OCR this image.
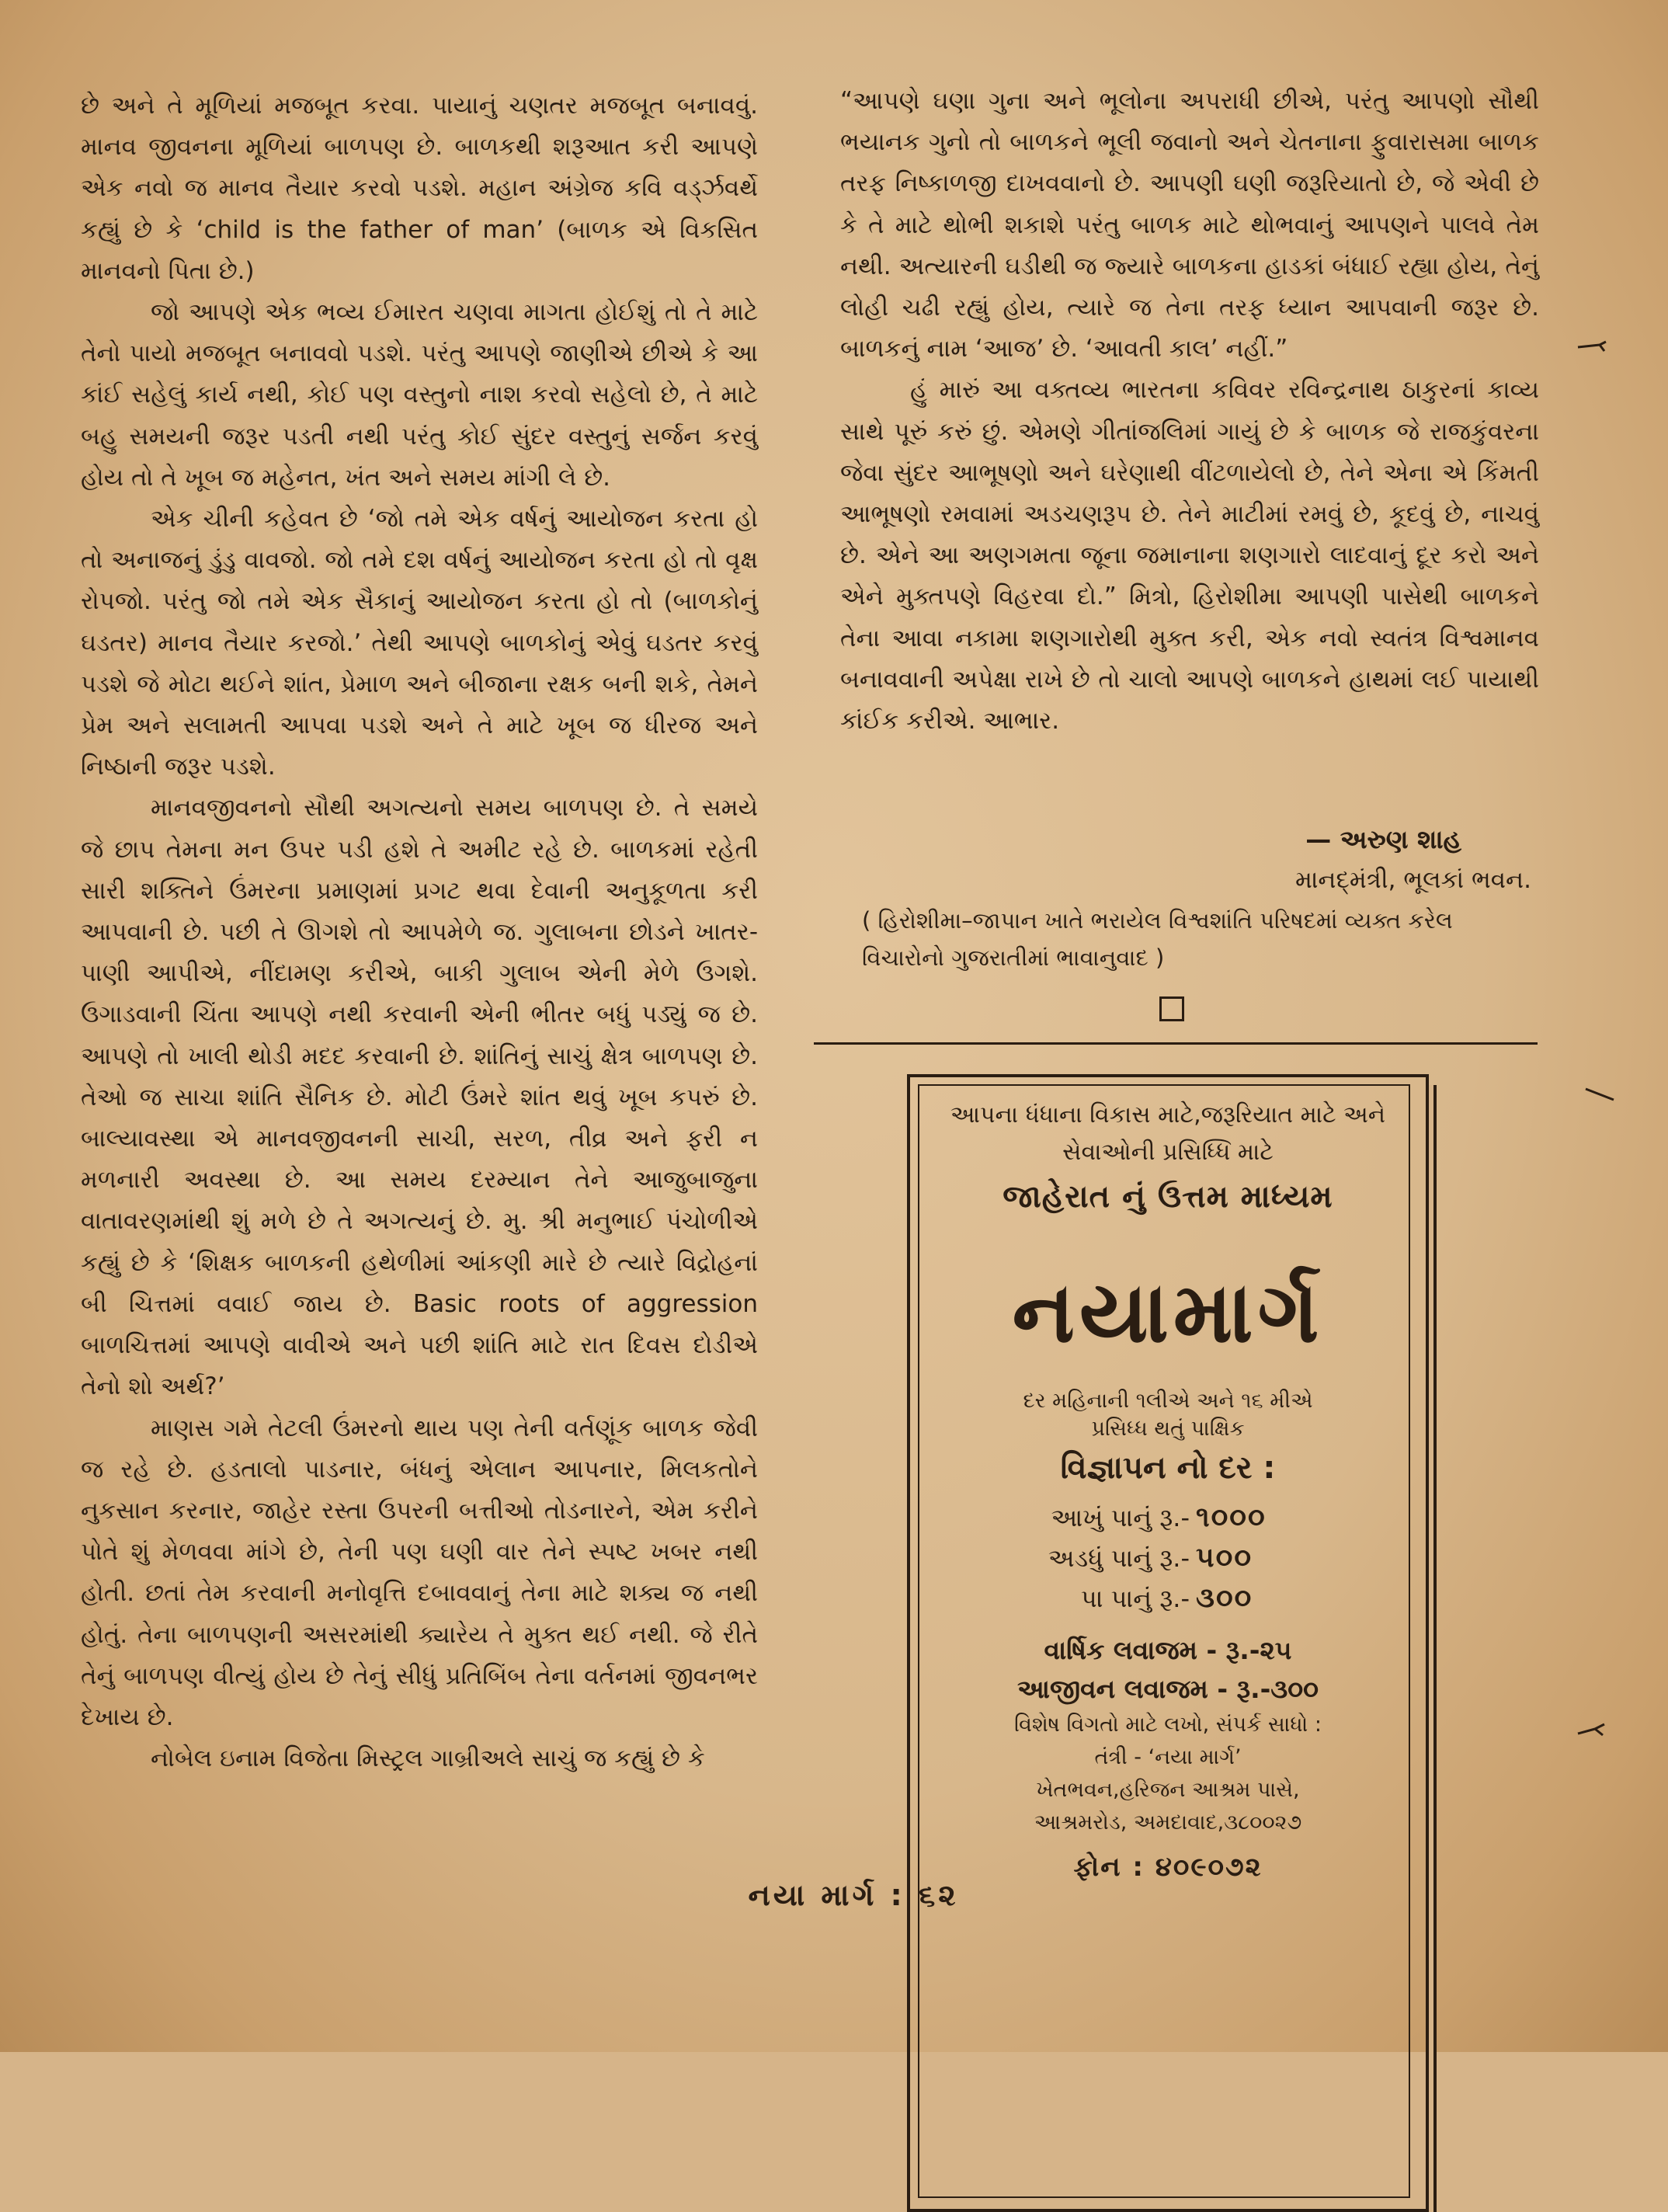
છે અને તે મૂળિયાં મજબૂત કરવા. પાયાનું ચણતર મજબૂત બનાવવું. માનવ જીવનના મૂળિયાં બાળપણ છે. બાળકથી શરૂઆત કરી આપણે એક નવો જ માનવ તૈયાર કરવો પડશે. મહાન અંગ્રેજ કવિ વર્ડ્ઝવર્થે કહ્યું છે કે ‘child is the father of man’ (બાળક એ વિકસિત માનવનો પિતા છે.)

જો આપણે એક ભવ્ય ઈમારત ચણવા માગતા હોઈશું તો તે માટે તેનો પાયો મજબૂત બનાવવો પડશે. પરંતુ આપણે જાણીએ છીએ કે આ કાંઈ સહેલું કાર્ય નથી, કોઈ પણ વસ્તુનો નાશ કરવો સહેલો છે, તે માટે બહુ સમયની જરૂર પડતી નથી પરંતુ કોઈ સુંદર વસ્તુનું સર્જન કરવું હોય તો તે ખૂબ જ મહેનત, ખંત અને સમય માંગી લે છે.

એક ચીની કહેવત છે ‘જો તમે એક વર્ષનું આયોજન કરતા હો તો અનાજનું ડુંડુ વાવજો. જો તમે દશ વર્ષનું આયોજન કરતા હો તો વૃક્ષ રોપજો. પરંતુ જો તમે એક સૈકાનું આયોજન કરતા હો તો (બાળકોનું ઘડતર) માનવ તૈયાર કરજો.’ તેથી આપણે બાળકોનું એવું ઘડતર કરવું પડશે જે મોટા થઈને શાંત, પ્રેમાળ અને બીજાના રક્ષક બની શકે, તેમને પ્રેમ અને સલામતી આપવા પડશે અને તે માટે ખૂબ જ ધીરજ અને નિષ્ઠાની જરૂર પડશે.

માનવજીવનનો સૌથી અગત્યનો સમય બાળપણ છે. તે સમયે જે છાપ તેમના મન ઉપર પડી હશે તે અમીટ રહે છે. બાળકમાં રહેતી સારી શક્તિને ઉંમરના પ્રમાણમાં પ્રગટ થવા દેવાની અનુકૂળતા કરી આપવાની છે. પછી તે ઊગશે તો આપમેળે જ. ગુલાબના છોડને ખાતર-પાણી આપીએ, નીંદામણ કરીએ, બાકી ગુલાબ એની મેળે ઉગશે. ઉગાડવાની ચિંતા આપણે નથી કરવાની એની ભીતર બધું પડ્યું જ છે. આપણે તો ખાલી થોડી મદદ કરવાની છે. શાંતિનું સાચું ક્ષેત્ર બાળપણ છે. તેઓ જ સાચા શાંતિ સૈનિક છે. મોટી ઉંમરે શાંત થવું ખૂબ કપરું છે. બાલ્યાવસ્થા એ માનવજીવનની સાચી, સરળ, તીવ્ર અને ફરી ન મળનારી અવસ્થા છે. આ સમય દરમ્યાન તેને આજુબાજુના વાતાવરણમાંથી શું મળે છે તે અગત્યનું છે. મુ. શ્રી મનુભાઈ પંચોળીએ કહ્યું છે કે ‘શિક્ષક બાળકની હથેળીમાં આંકણી મારે છે ત્યારે વિદ્રોહનાં બી ચિત્તમાં વવાઈ જાય છે. Basic roots of aggression બાળચિત્તમાં આપણે વાવીએ અને પછી શાંતિ માટે રાત દિવસ દોડીએ તેનો શો અર્થ?’

માણસ ગમે તેટલી ઉંમરનો થાય પણ તેની વર્તણૂંક બાળક જેવી જ રહે છે. હડતાલો પાડનાર, બંધનું એલાન આપનાર, મિલકતોને નુકસાન કરનાર, જાહેર રસ્તા ઉપરની બત્તીઓ તોડનારને, એમ કરીને પોતે શું મેળવવા માંગે છે, તેની પણ ઘણી વાર તેને સ્પષ્ટ ખબર નથી હોતી. છતાં તેમ કરવાની મનોવૃત્તિ દબાવવાનું તેના માટે શક્ય જ નથી હોતું. તેના બાળપણની અસરમાંથી ક્યારેય તે મુક્ત થઈ નથી. જે રીતે તેનું બાળપણ વીત્યું હોય છે તેનું સીધું પ્રતિબિંબ તેના વર્તનમાં જીવનભર દેખાય છે.

નોબેલ ઇનામ વિજેતા મિસ્ટ્રલ ગાબ્રીઅલે સાચું જ કહ્યું છે કે

“આપણે ઘણા ગુના અને ભૂલોના અપરાધી છીએ, પરંતુ આપણો સૌથી ભયાનક ગુનો તો બાળકને ભૂલી જવાનો અને ચેતનાના ફુવારાસમા બાળક તરફ નિષ્કાળજી દાખવવાનો છે. આપણી ઘણી જરૂરિયાતો છે, જે એવી છે કે તે માટે થોભી શકાશે પરંતુ બાળક માટે થોભવાનું આપણને પાલવે તેમ નથી. અત્યારની ઘડીથી જ જ્યારે બાળકના હાડકાં બંધાઈ રહ્યા હોય, તેનું લોહી ચઢી રહ્યું હોય, ત્યારે જ તેના તરફ ધ્યાન આપવાની જરૂર છે. બાળકનું નામ ‘આજ’ છે. ‘આવતી કાલ’ નહીં.”

હું મારું આ વક્તવ્ય ભારતના કવિવર રવિન્દ્રનાથ ઠાકુરનાં કાવ્ય સાથે પૂરું કરું છું. એમણે ગીતાંજલિમાં ગાયું છે કે બાળક જે રાજકુંવરના જેવા સુંદર આભૂષણો અને ઘરેણાથી વીંટળાયેલો છે, તેને એના એ કિંમતી આભૂષણો રમવામાં અડચણરૂપ છે. તેને માટીમાં રમવું છે, કૂદવું છે, નાચવું છે. એને આ અણગમતા જૂના જમાનાના શણગારો લાદવાનું દૂર કરો અને એને મુક્તપણે વિહરવા દો.” મિત્રો, હિરોશીમા આપણી પાસેથી બાળકને તેના આવા નકામા શણગારોથી મુક્ત કરી, એક નવો સ્વતંત્ર વિશ્વમાનવ બનાવવાની અપેક્ષા રાખે છે તો ચાલો આપણે બાળકને હાથમાં લઈ પાયાથી કાંઈક કરીએ. આભાર.

— અરુણ શાહ
માનદ્‌મંત્રી, ભૂલકાં ભવન.
( હિરોશીમા–જાપાન ખાતે ભરાયેલ વિશ્વશાંતિ પરિષદમાં વ્યક્ત કરેલ વિચારોનો ગુજરાતીમાં ભાવાનુવાદ )
આપના ધંધાના વિકાસ માટે,જરૂરિયાત માટે અને
સેવાઓની પ્રસિધ્ધિ માટે
જાહેરાત નું ઉત્તમ માધ્યમ
નયામાર્ગ
દર મહિનાની ૧લીએ અને ૧૬ મીએ
પ્રસિધ્ધ થતું પાક્ષિક
વિજ્ઞાપન નો દર :
આખું પાનું રૂ.- ૧૦૦૦
અડધું પાનું રૂ.- ૫૦૦
પા પાનું રૂ.- ૩૦૦
વાર્ષિક લવાજમ - રૂ.-૨૫
આજીવન લવાજમ - રૂ.-૩૦૦
વિશેષ વિગતો માટે લખો, સંપર્ક સાધો :
તંત્રી - ‘નયા માર્ગ’
ખેતભવન,હરિજન આશ્રમ પાસે,
આશ્રમરોડ, અમદાવાદ,૩૮૦૦૨૭
ફોન : ૪૦૯૦૭૨
નયા માર્ગ : ૬૨
